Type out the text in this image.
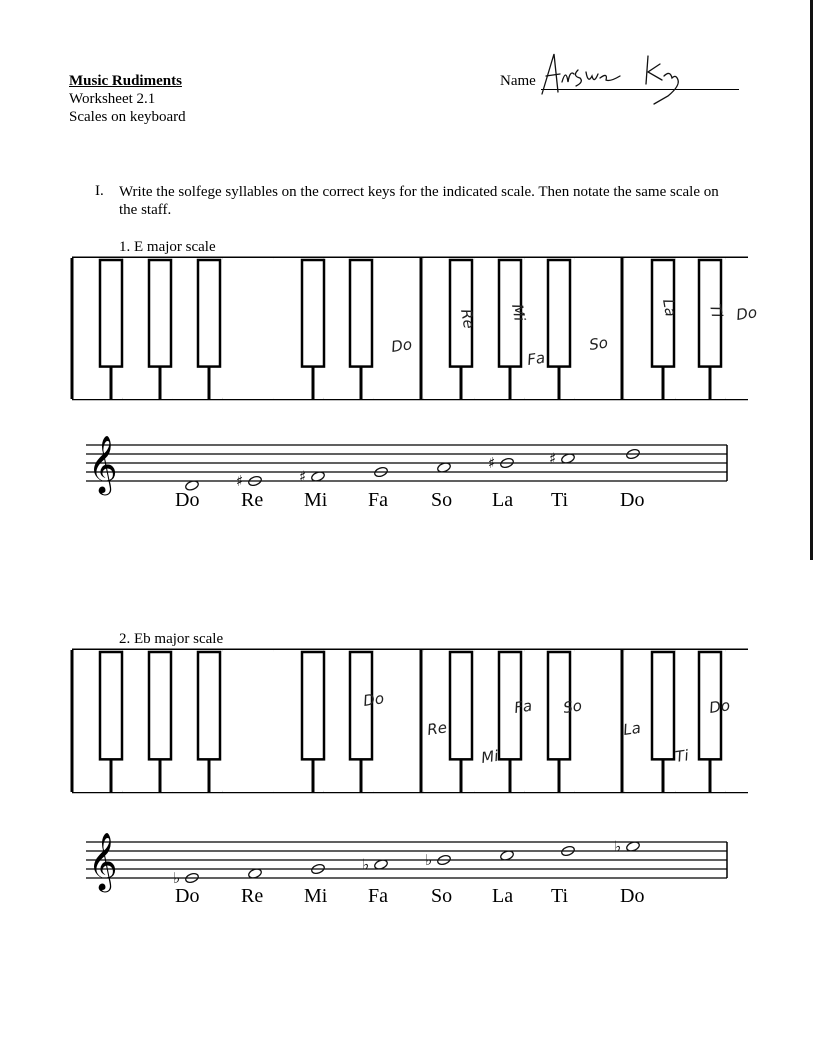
Music Rudiments
Worksheet 2.1
Scales on keyboard
Name
I. Write the solfege syllables on the correct keys for the indicated scale. Then notate the same scale on the staff.
1. E major scale
2. Eb major scale
Do
Re Mi
Fa
So
La Ti Do
𝄞	♯	♯
♯	♯
Do Re Mi Fa So La Ti	Do
Do
Re
Mi
Fa So
La
Ti
Do
𝄞	♭
♭	♭
♭
Do Re Mi Fa So La Ti	Do
